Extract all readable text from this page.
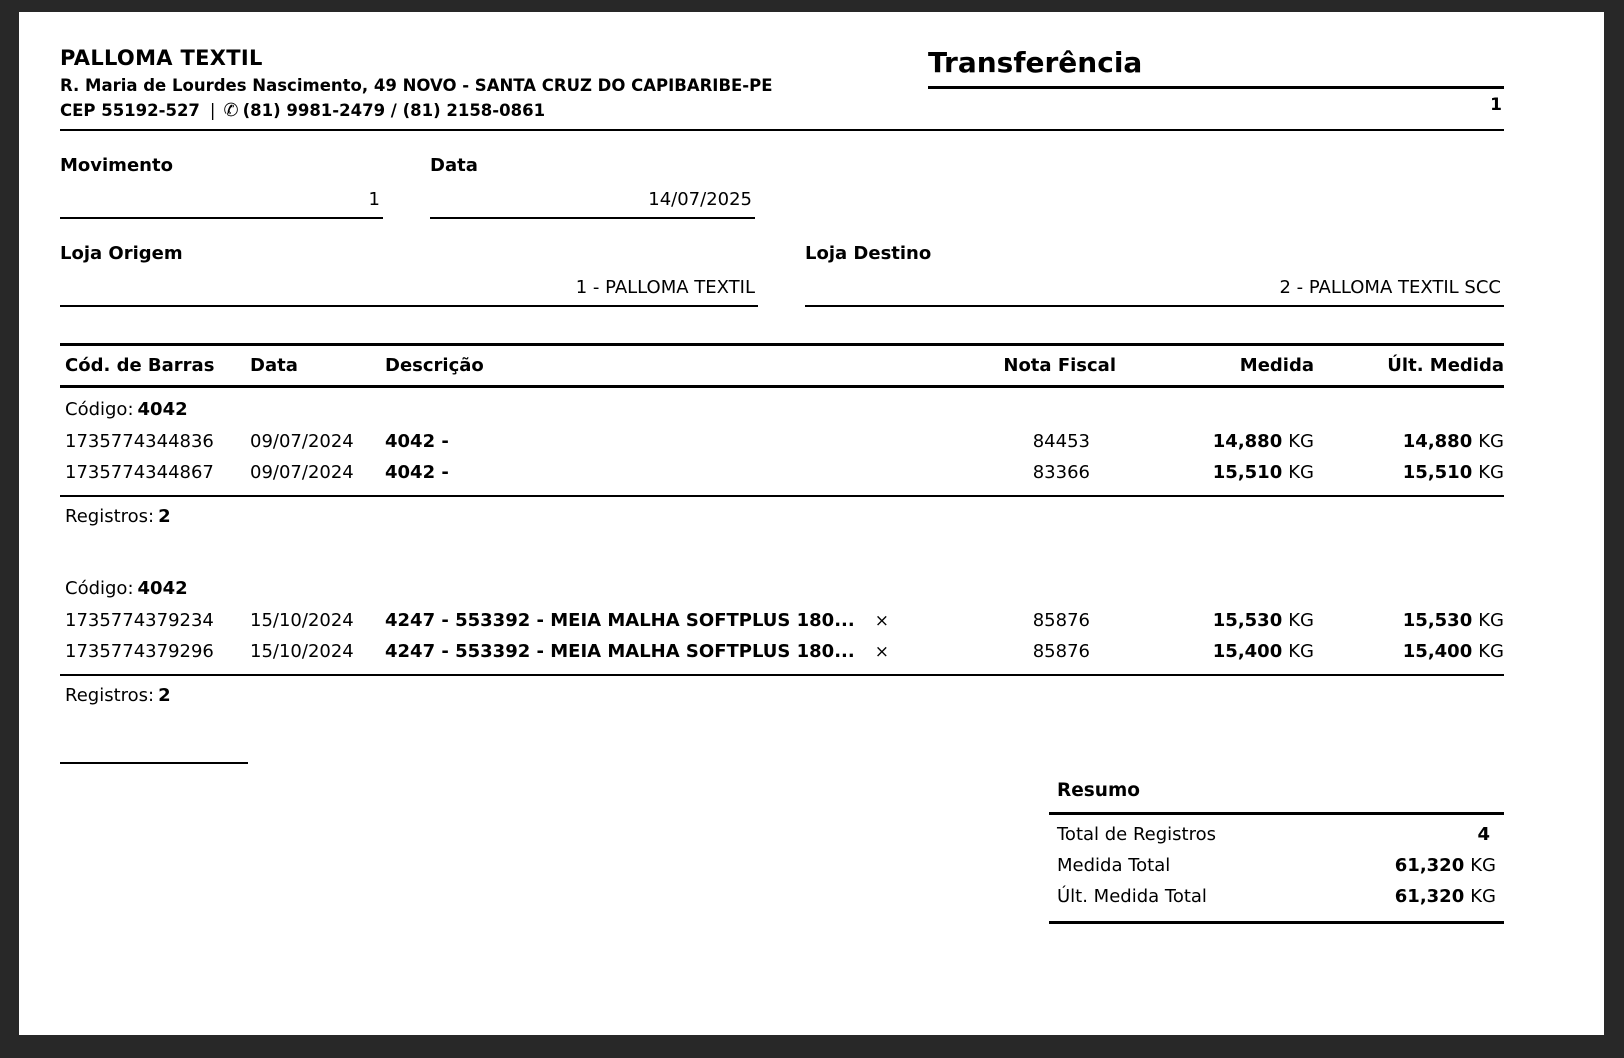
PALLOMA TEXTIL
R. Maria de Lourdes Nascimento, 49 NOVO - SANTA CRUZ DO CAPIBARIBE-PE
CEP 55192-527 | ✆ (81) 9981-2479 / (81) 2158-0861
Transferência
1
Movimento
1
Data
14/07/2025
Loja Origem
1 - PALLOMA TEXTIL
Loja Destino
2 - PALLOMA TEXTIL SCC
Cód. de Barras	Data	Descrição	Nota Fiscal	Medida	Últ. Medida
Código: 4042
1735774344836	09/07/2024	4042 -	84453	14,880 KG	14,880 KG
1735774344867	09/07/2024	4042 -	83366	15,510 KG	15,510 KG
Registros: 2
Código: 4042
1735774379234	15/10/2024	4247 - 553392 - MEIA MALHA SOFTPLUS 180... ×	85876	15,530 KG	15,530 KG
1735774379296	15/10/2024	4247 - 553392 - MEIA MALHA SOFTPLUS 180... ×	85876	15,400 KG	15,400 KG
Registros: 2
Resumo
Total de Registros	4
Medida Total	61,320 KG
Últ. Medida Total	61,320 KG
